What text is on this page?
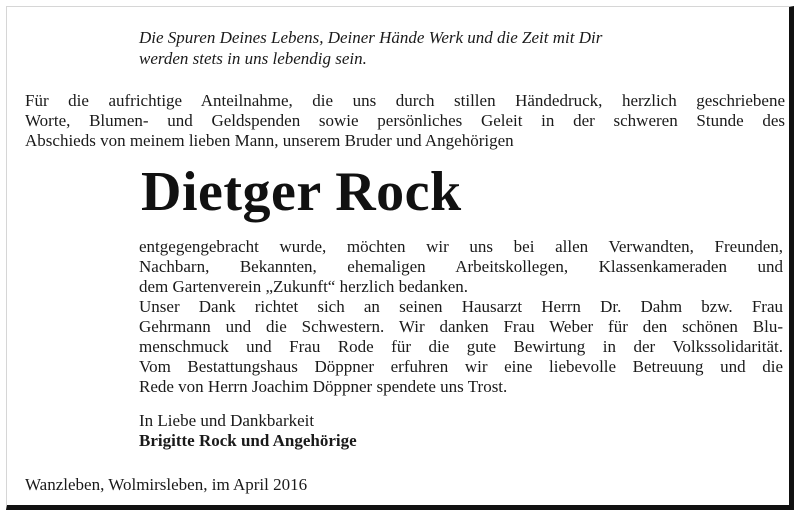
Die Spuren Deines Lebens, Deiner Hände Werk und die Zeit mit Dir
werden stets in uns lebendig sein.
Für die aufrichtige Anteilnahme, die uns durch stillen Händedruck, herzlich geschriebene
Worte, Blumen- und Geldspenden sowie persönliches Geleit in der schweren Stunde des
Abschieds von meinem lieben Mann, unserem Bruder und Angehörigen
Dietger Rock
entgegengebracht wurde, möchten wir uns bei allen Verwandten, Freunden,
Nachbarn, Bekannten, ehemaligen Arbeitskollegen, Klassenkameraden und
dem Gartenverein „Zukunft“ herzlich bedanken.
Unser Dank richtet sich an seinen Hausarzt Herrn Dr. Dahm bzw. Frau
Gehrmann und die Schwestern. Wir danken Frau Weber für den schönen Blu-
menschmuck und Frau Rode für die gute Bewirtung in der Volkssolidarität.
Vom Bestattungshaus Döppner erfuhren wir eine liebevolle Betreuung und die
Rede von Herrn Joachim Döppner spendete uns Trost.
In Liebe und Dankbarkeit
Brigitte Rock und Angehörige
Wanzleben, Wolmirsleben, im April 2016
